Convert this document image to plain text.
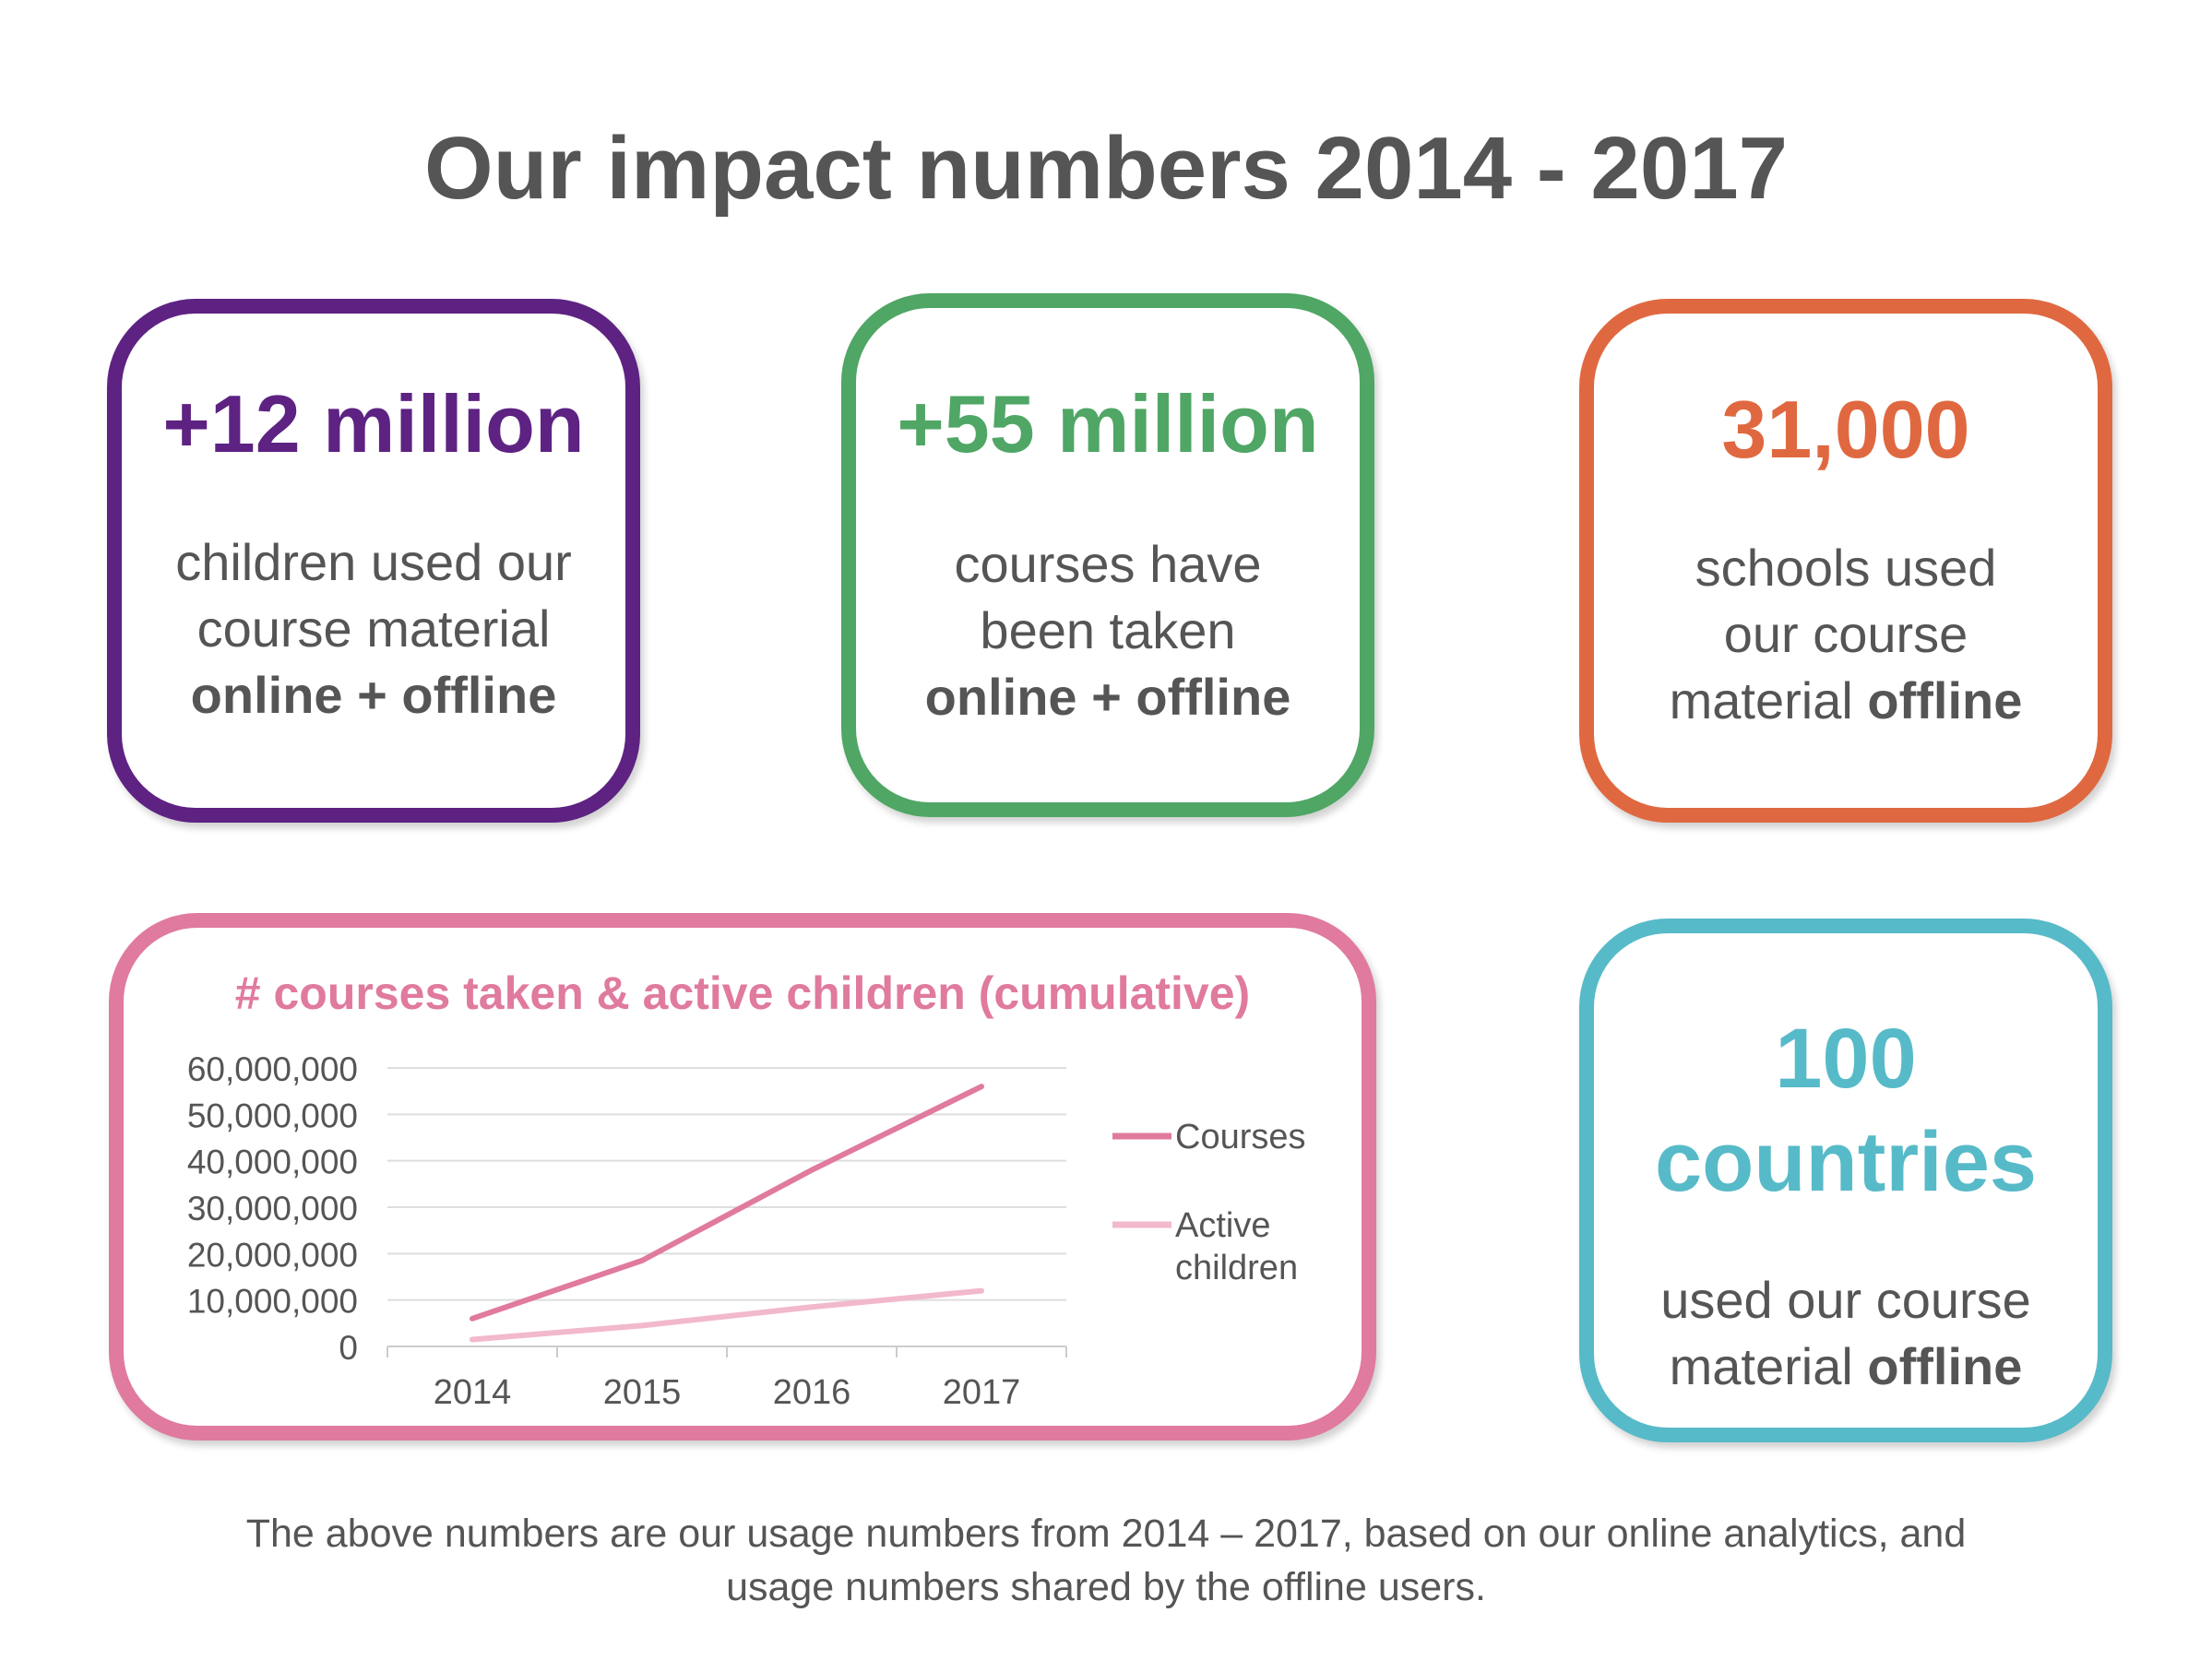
Our impact numbers 2014 - 2017
+12 million
children used our
course material
online + offline
+55 million
courses have
been taken
online + offline
31,000
schools used
our course
material offline
100
countries
used our course
material offline
# courses taken & active children (cumulative)
0
10,000,000
20,000,000
30,000,000
40,000,000
50,000,000
60,000,000
2014	2015	2016	2017
Courses
Active
children
The above numbers are our usage numbers from 2014 – 2017, based on our online analytics, and
usage numbers shared by the offline users.
